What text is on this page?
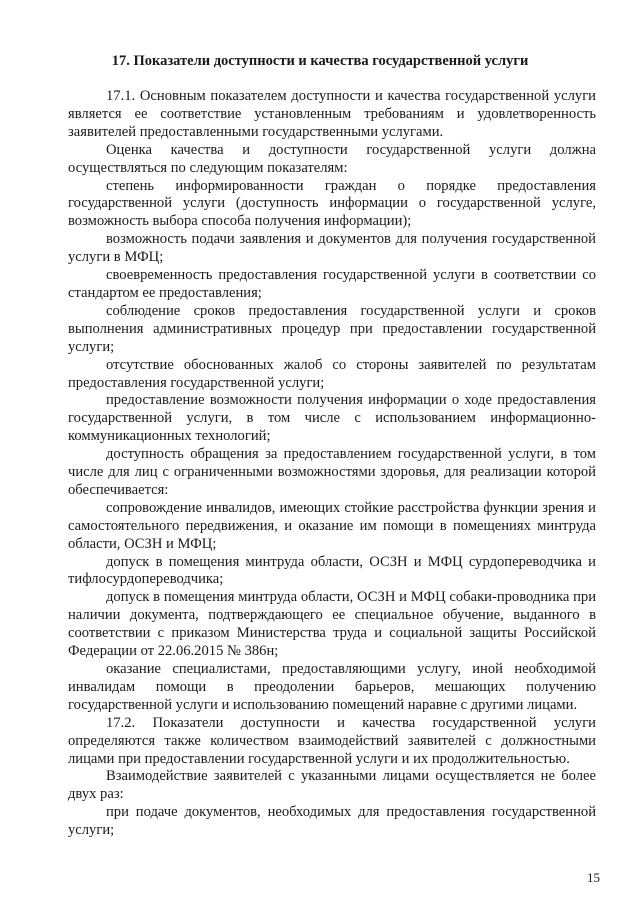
17. Показатели доступности и качества государственной услуги

17.1. Основным показателем доступности и качества государственной услуги является ее соответствие установленным требованиям и удовлетворенность заявителей предоставленными государственными услугами.

Оценка качества и доступности государственной услуги должна осуществляться по следующим показателям:

степень информированности граждан о порядке предоставления государственной услуги (доступность информации о государственной услуге, возможность выбора способа получения информации);

возможность подачи заявления и документов для получения государственной услуги в МФЦ;

своевременность предоставления государственной услуги в соответствии со стандартом ее предоставления;

соблюдение сроков предоставления государственной услуги и сроков выполнения административных процедур при предоставлении государственной услуги;

отсутствие обоснованных жалоб со стороны заявителей по результатам предоставления государственной услуги;

предоставление возможности получения информации о ходе предоставления государственной услуги, в том числе с использованием информационно-коммуникационных технологий;

доступность обращения за предоставлением государственной услуги, в том числе для лиц с ограниченными возможностями здоровья, для реализации которой обеспечивается:

сопровождение инвалидов, имеющих стойкие расстройства функции зрения и самостоятельного передвижения, и оказание им помощи в помещениях минтруда области, ОСЗН и МФЦ;

допуск в помещения минтруда области, ОСЗН и МФЦ сурдопереводчика и тифлосурдопереводчика;

допуск в помещения минтруда области, ОСЗН и МФЦ собаки-проводника при наличии документа, подтверждающего ее специальное обучение, выданного в соответствии с приказом Министерства труда и социальной защиты Российской Федерации от 22.06.2015 № 386н;

оказание специалистами, предоставляющими услугу, иной необходимой инвалидам помощи в преодолении барьеров, мешающих получению государственной услуги и использованию помещений наравне с другими лицами.

17.2. Показатели доступности и качества государственной услуги определяются также количеством взаимодействий заявителей с должностными лицами при предоставлении государственной услуги и их продолжительностью.

Взаимодействие заявителей с указанными лицами осуществляется не более двух раз:

при подаче документов, необходимых для предоставления государственной услуги;

15
